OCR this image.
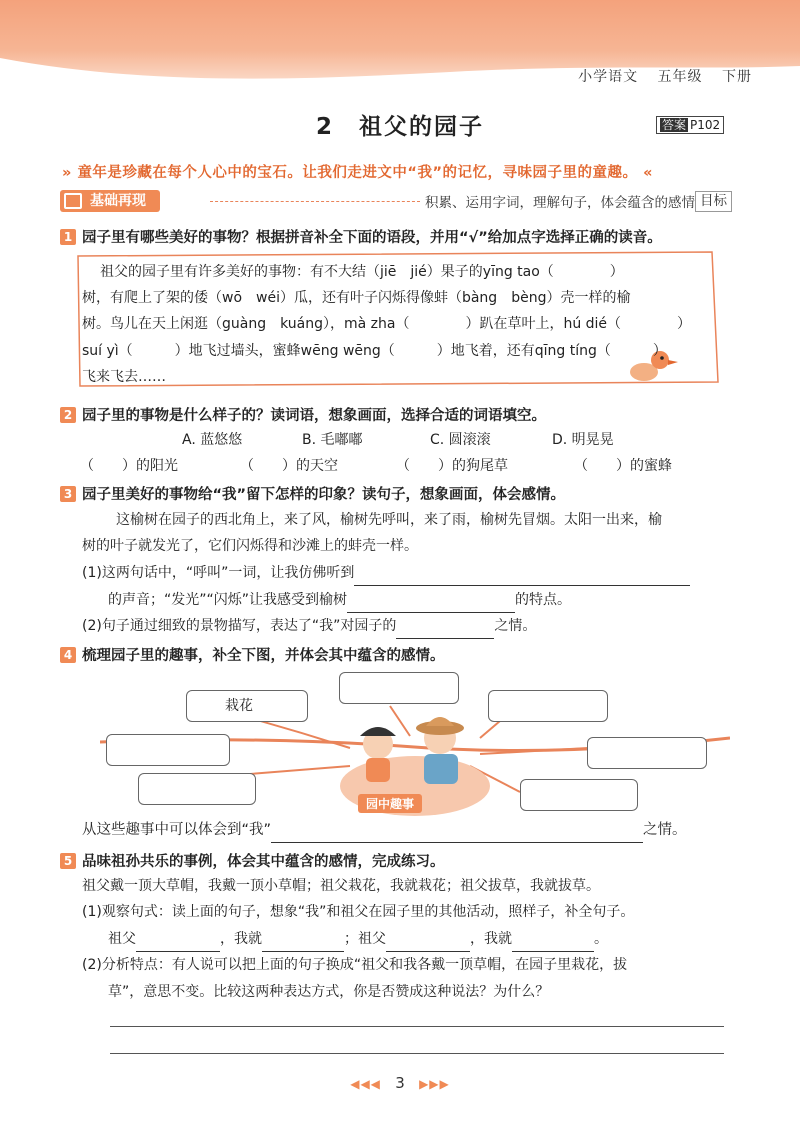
小学语文 五年级 下册
2　祖父的园子	答案 P102
» 童年是珍藏在每个人心中的宝石。让我们走进文中“我”的记忆，寻味园子里的童趣。 «
基础再现	积累、运用字词，理解句子，体会蕴含的感情 目标
1 园子里有哪些美好的事物？根据拼音补全下面的语段，并用“√”给加点字选择正确的读音。
祖父的园子里有许多美好的事物：有不大结（jiē　jié）果子的yīng tao（　　　　）
树，有爬上了架的倭（wō　wéi）瓜，还有叶子闪烁得像蚌（bàng　bèng）壳一样的榆
树。鸟儿在天上闲逛（guàng　kuáng），mà zha（　　　　）趴在草叶上，hú dié（　　　　）
suí yì（　　　）地飞过墙头，蜜蜂wēng wēng（　　　）地飞着，还有qīng tíng（　　　）
飞来飞去……
2 园子里的事物是什么样子的？读词语，想象画面，选择合适的词语填空。
A. 蓝悠悠	B. 毛嘟嘟	C. 圆滚滚	D. 明晃晃
（　　）的阳光	（　　）的天空	（　　）的狗尾草	（　　）的蜜蜂
3 园子里美好的事物给“我”留下怎样的印象？读句子，想象画面，体会感情。
这榆树在园子的西北角上，来了风，榆树先呼叫，来了雨，榆树先冒烟。太阳一出来，榆
树的叶子就发光了，它们闪烁得和沙滩上的蚌壳一样。
(1)这两句话中，“呼叫”一词，让我仿佛听到
的声音；“发光”“闪烁”让我感受到榆树	的特点。
(2)句子通过细致的景物描写，表达了“我”对园子的	之情。
4 梳理园子里的趣事，补全下图，并体会其中蕴含的感情。
栽花
园中趣事
从这些趣事中可以体会到“我”	之情。
5 品味祖孙共乐的事例，体会其中蕴含的感情，完成练习。
祖父戴一顶大草帽，我戴一顶小草帽；祖父栽花，我就栽花；祖父拔草，我就拔草。
(1)观察句式：读上面的句子，想象“我”和祖父在园子里的其他活动，照样子，补全句子。
祖父	，我就	；祖父	，我就	。
(2)分析特点：有人说可以把上面的句子换成“祖父和我各戴一顶草帽，在园子里栽花，拔
草”，意思不变。比较这两种表达方式，你是否赞成这种说法？为什么？
◀◀◀ 3 ▶▶▶
